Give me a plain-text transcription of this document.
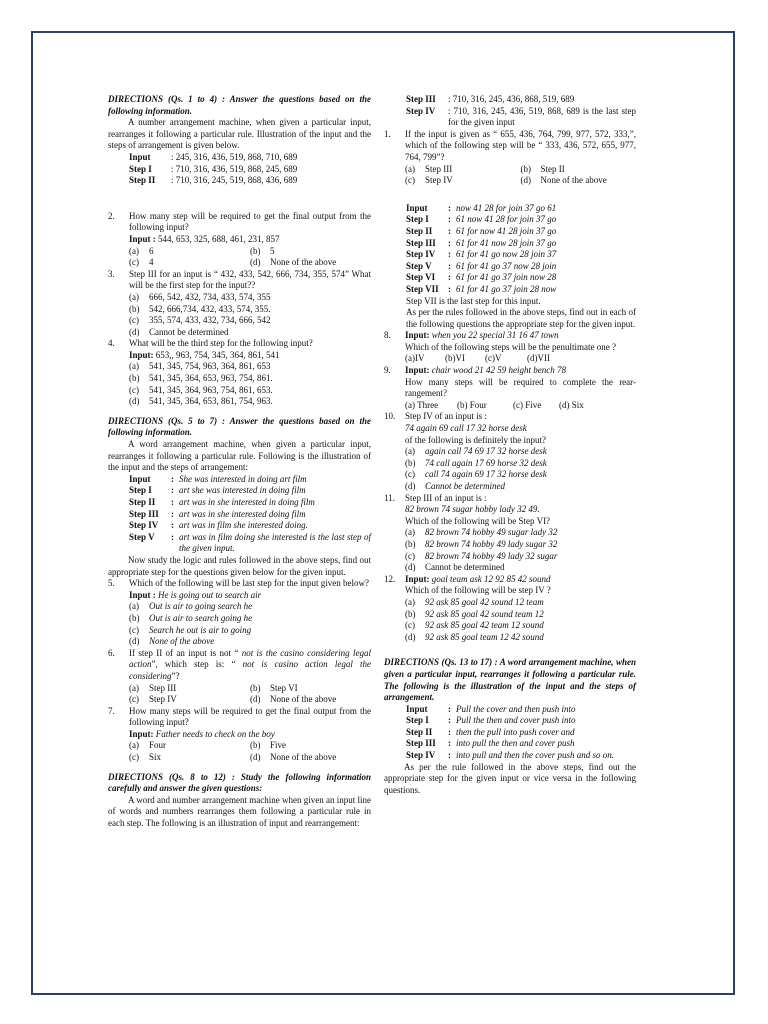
DIRECTIONS (Qs. 1 to 4) : Answer the questions based on the following information.

A number arrangement machine, when given a particular input, rearranges it following a particular rule. Illustration of the input and the steps of arrangement is given below.

Input	: 245, 316, 436, 519, 868, 710, 689
Step I	: 710, 316, 436, 519, 868, 245, 689
Step II	: 710, 316, 245, 519, 868, 436, 689
2.	How many step will be required to get the final output from the following input?

Input : 544, 653, 325, 688, 461, 231, 857

(a)	6	(b)	5
(c)	4	(d)	None of the above
3.	Step III for an input is “ 432, 433, 542, 666, 734, 355, 574” What will be the first step for the input??

(a)	666, 542, 432, 734, 433, 574, 355
(b)	542, 666,734, 432, 433, 574, 355.
(c)	355, 574, 433, 432, 734, 666, 542
(d)	Cannot be determined
4.	What will be the third step for the following input?

Input: 653,, 963, 754, 345, 364, 861, 541

(a)	541, 345, 754, 963, 364, 861, 653
(b)	541, 345, 364, 653, 963, 754, 861.
(c)	541, 345, 364, 963, 754, 861, 653.
(d)	541, 345, 364, 653, 861, 754, 963.

DIRECTIONS (Qs. 5 to 7) : Answer the questions based on the following information.

A word arrangement machine, when given a particular input, rearranges it following a particular rule. Following is the illustration of the input and the steps of arrangement:

Input	: She was interested in doing art film
Step I	: art she was interested in doing film
Step II	: art was in she interested in doing film
Step III	: art was in she interested doing film
Step IV	: art was in film she interested doing.
Step V	: art was in film doing she interested is the last step of the given input.

Now study the logic and rules followed in the above steps, find out appropriate step for the questions given below for the given input.

5.	Which of the following will be last step for the input given below?

Input : He is going out to search air

(a)	Out is air to going search he
(b)	Out is air to search going he
(c)	Search he out is air to going
(d)	None of the above
6.	If step II of an input is not “ not is the casino considering legal action”, which step is: “ not is casino action legal the considering”?

(a)	Step III	(b)	Step VI
(c)	Step IV	(d)	None of the above
7.	How many steps will be required to get the final output from the following input?

Input: Father needs to check on the boy

(a)	Four	(b)	Five
(c)	Six	(d)	None of the above

DIRECTIONS (Qs. 8 to 12) : Study the following information carefully and answer the given questions:

A word and number arrangement machine when given an input line of words and numbers rearranges them following a particular rule in each step. The following is an illustration of input and rearrangement:

Step III	: 710, 316, 245, 436, 868, 519, 689
Step IV	: 710, 316, 245, 436, 519, 868, 689 is the last step for the given input
1.	If the input is given as “ 655, 436, 764, 799, 977, 572, 333,”, which of the following step will be “ 333, 436, 572, 655, 977, 764, 799”?

(a)	Step III	(b)	Step II
(c)	Step IV	(d)	None of the above
Input	: now 41 28 for join 37 go 61
Step I	: 61 now 41 28 for join 37 go
Step II	: 61 for now 41 28 join 37 go
Step III	: 61 for 41 now 28 join 37 go
Step IV	: 61 for 41 go now 28 join 37
Step V	: 61 for 41 go 37 now 28 join
Step VI	: 61 for 41 go 37 join now 28
Step VII	: 61 for 41 go 37 join 28 now

Step VII is the last step for this input.

As per the rules followed in the above steps, find out in each of the following questions the appropriate step for the given input.

8.	Input: when you 22 special 31 16 47 town

Which of the following steps will be the penultimate one ?

(a)IV	(b)VI	(c)V	(d)VII
9.	Input: chair wood 21 42 59 height bench 78

How many steps will be required to complete the rear- rangement?

(a) Three	(b) Four	(c) Five	(d) Six
10.	Step IV of an input is :

74 again 69 call 17 32 horse desk

of the following is definitely the input?

(a)	again call 74 69 17 32 horse desk
(b)	74 call again 17 69 horse 32 desk
(c)	call 74 again 69 17 32 horse desk
(d)	Cannot be determined
11.	Step III of an input is :

82 brown 74 sugar hobby lady 32 49.

Which of the following will be Step VI?

(a)	82 brown 74 hobby 49 sugar lady 32
(b)	82 brown 74 hobby 49 lady sugar 32
(c)	82 brown 74 hobby 49 lady 32 sugar
(d)	Cannot be determined
12.	Input: goal team ask 12 92 85 42 sound

Which of the following will be step IV ?

(a)	92 ask 85 goal 42 sound 12 team
(b)	92 ask 85 goal 42 sound team 12
(c)	92 ask 85 goal 42 team 12 sound
(d)	92 ask 85 goal team 12 42 sound

DIRECTIONS (Qs. 13 to 17) : A word arrangement machine, when given a particular input, rearranges it following a particular rule. The following is the illustration of the input and the steps of arrangement.

Input	: Pull the cover and then push into
Step I	: Pull the then and cover push into
Step II	: then the pull into push cover and
Step III	: into pull the then and cover push
Step IV	: into pull and then the cover push and so on.

As per the rule followed in the above steps, find out the appropriate step for the given input or vice versa in the following questions.
